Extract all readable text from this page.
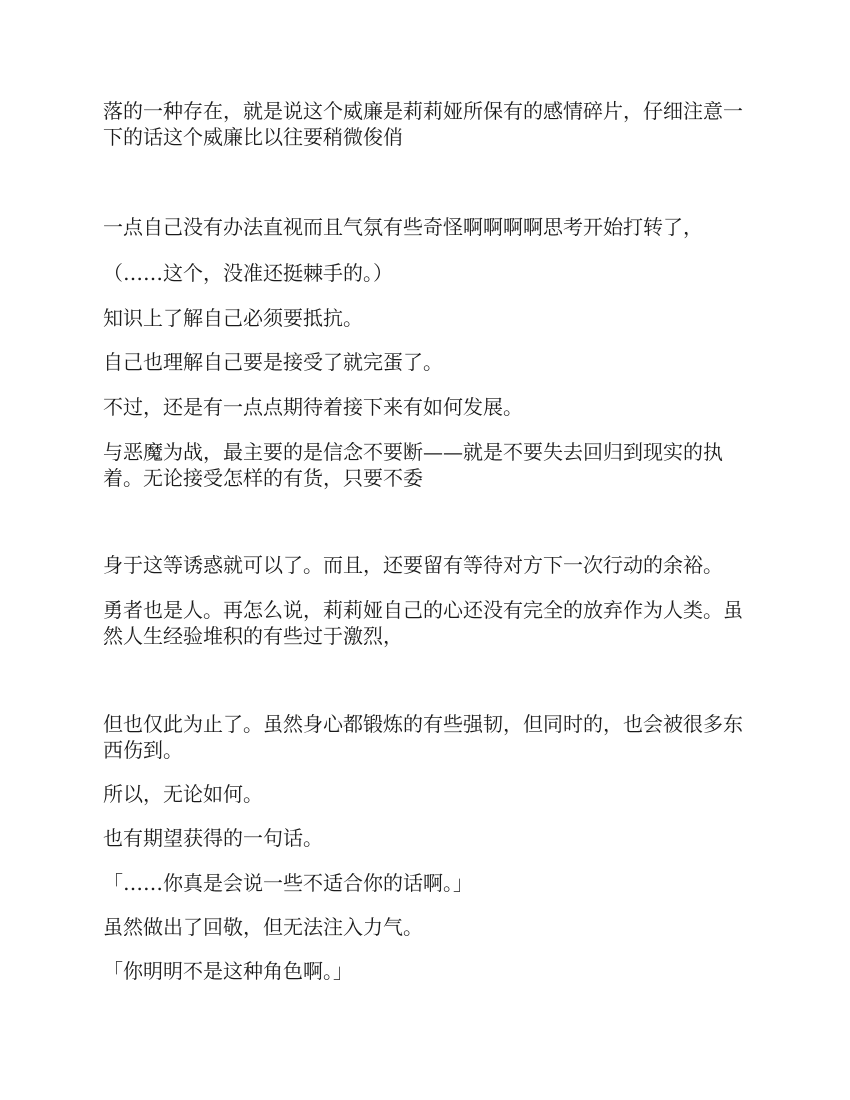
落的一种存在，就是说这个威廉是莉莉娅所保有的感情碎片，仔细注意一下的话这个威廉比以往要稍微俊俏

一点自己没有办法直视而且气氛有些奇怪啊啊啊啊思考开始打转了，

（……这个，没准还挺棘手的。）

知识上了解自己必须要抵抗。

自己也理解自己要是接受了就完蛋了。

不过，还是有一点点期待着接下来有如何发展。

与恶魔为战，最主要的是信念不要断——就是不要失去回归到现实的执着。无论接受怎样的有货，只要不委

身于这等诱惑就可以了。而且，还要留有等待对方下一次行动的余裕。

勇者也是人。再怎么说，莉莉娅自己的心还没有完全的放弃作为人类。虽然人生经验堆积的有些过于激烈，

但也仅此为止了。虽然身心都锻炼的有些强韧，但同时的，也会被很多东西伤到。

所以，无论如何。

也有期望获得的一句话。

「……你真是会说一些不适合你的话啊。」

虽然做出了回敬，但无法注入力气。

「你明明不是这种角色啊。」
